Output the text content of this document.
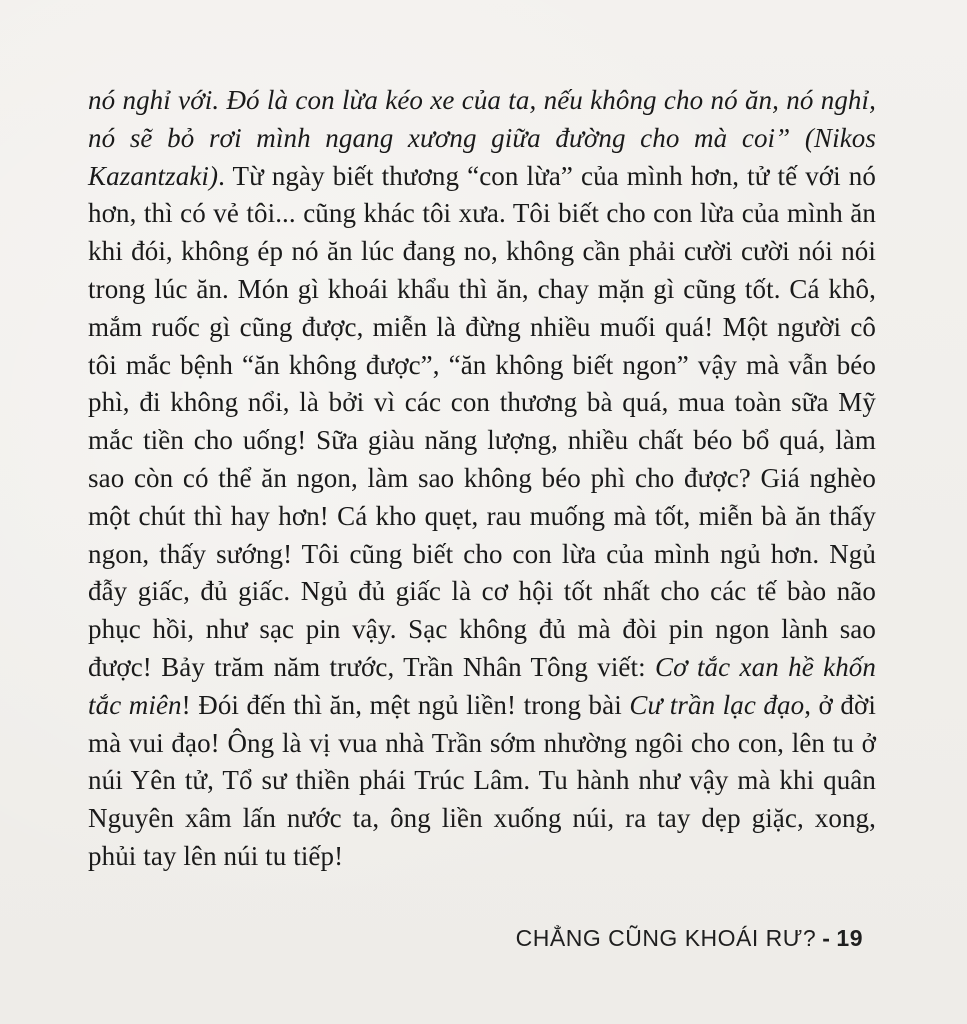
nó nghỉ với. Đó là con lừa kéo xe của ta, nếu không cho nó ăn, nó nghỉ, nó sẽ bỏ rơi mình ngang xương giữa đường cho mà coi” (Nikos Kazantzaki). Từ ngày biết thương “con lừa” của mình hơn, tử tế với nó hơn, thì có vẻ tôi... cũng khác tôi xưa. Tôi biết cho con lừa của mình ăn khi đói, không ép nó ăn lúc đang no, không cần phải cười cười nói nói trong lúc ăn. Món gì khoái khẩu thì ăn, chay mặn gì cũng tốt. Cá khô, mắm ruốc gì cũng được, miễn là đừng nhiều muối quá! Một người cô tôi mắc bệnh “ăn không được”, “ăn không biết ngon” vậy mà vẫn béo phì, đi không nổi, là bởi vì các con thương bà quá, mua toàn sữa Mỹ mắc tiền cho uống! Sữa giàu năng lượng, nhiều chất béo bổ quá, làm sao còn có thể ăn ngon, làm sao không béo phì cho được? Giá nghèo một chút thì hay hơn! Cá kho quẹt, rau muống mà tốt, miễn bà ăn thấy ngon, thấy sướng! Tôi cũng biết cho con lừa của mình ngủ hơn. Ngủ đẫy giấc, đủ giấc. Ngủ đủ giấc là cơ hội tốt nhất cho các tế bào não phục hồi, như sạc pin vậy. Sạc không đủ mà đòi pin ngon lành sao được! Bảy trăm năm trước, Trần Nhân Tông viết: Cơ tắc xan hề khốn tắc miên! Đói đến thì ăn, mệt ngủ liền! trong bài Cư trần lạc đạo, ở đời mà vui đạo! Ông là vị vua nhà Trần sớm nhường ngôi cho con, lên tu ở núi Yên tử, Tổ sư thiền phái Trúc Lâm. Tu hành như vậy mà khi quân Nguyên xâm lấn nước ta, ông liền xuống núi, ra tay dẹp giặc, xong, phủi tay lên núi tu tiếp!

CHẲNG CŨNG KHOÁI RƯ? - 19
